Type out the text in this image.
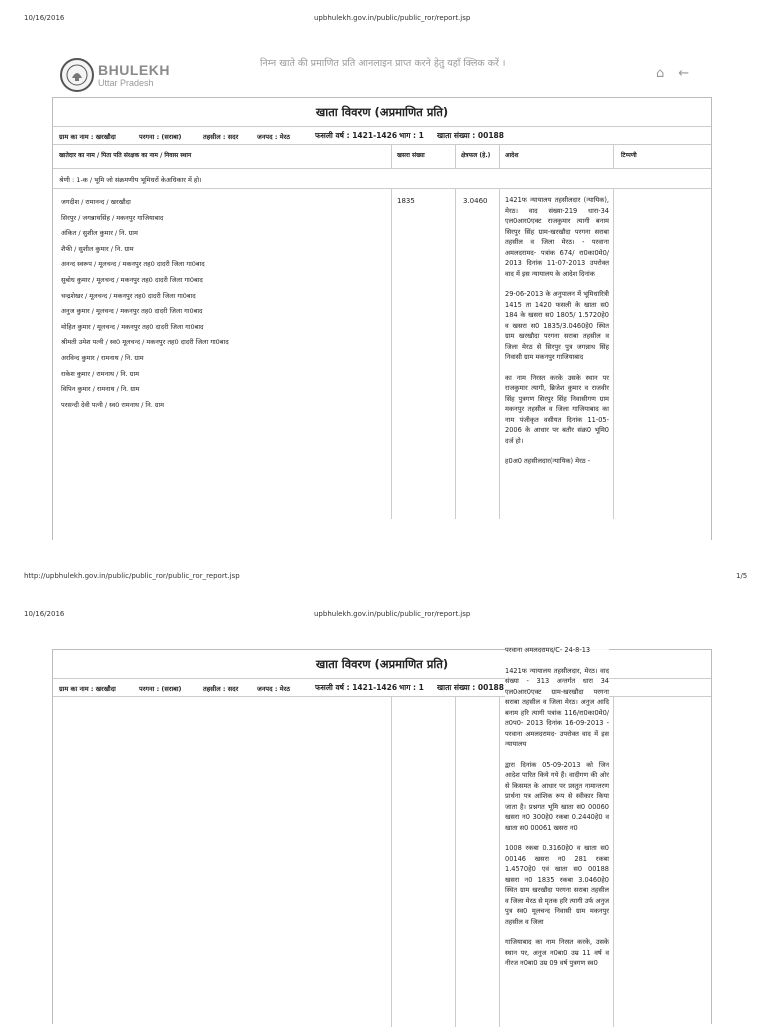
10/16/2016	upbhulekh.gov.in/public/public_ror/report.jsp
BHULEKH
Uttar Pradesh
निम्न खाते की प्रमाणित प्रति आनलाइन प्राप्त करने हेतु यहाँ क्लिक करें ।
⌂ ←
खाता विवरण (अप्रमाणित प्रति)
ग्राम का नाम : खरखौदा	परगना : (सराबा)	तहसील : सदर	जनपद : मेरठ	फसली वर्ष : 1421-1426 भाग : 1 खाता संख्या : 00188
खातेदार का नाम / पिता पति संरक्षक का नाम / निवास स्थान	खसरा संख्या	क्षेत्रफल (हे.)	आदेश	टिप्पणी
श्रेणी : 1-क / भूमि जो संक्रमणीय भूमिधरों केअधिकार में हो।
जगदीश / रामानन्द / खरखौदा
सिरपुर / जगन्नाथसिंह / मकनपुर गाजियाबाद
अंकित / सुशील कुमार / नि. ग्राम
शैफी / सुशील कुमार / नि. ग्राम
अनन्द स्वरूप / मूलचन्द / मकनपुर तह0 दादरी जिला गा0बाद
सुबोध कुमार / मूलचन्द / मकनपुर तह0 दादरी जिला गा0बाद
चन्द्रशेखर / मूलचन्द / मकनपुर तह0 दादरी जिला गा0बाद
अनुज कुमार / मूलचन्द / मकनपुर तह0 दादरी जिला गा0बाद
मोहित कुमार / मूलचन्द / मकनपुर तह0 दादरी जिला गा0बाद
श्रीमती उमेश पत्नी / स्व0 मूलचन्द / मकनपुर तह0 दादरी जिला गा0बाद
अरविन्द कुमार / रामनाथ / नि. ग्राम
राकेश कुमार / रामनाथ / नि. ग्राम
विपिन कुमार / रामनाथ / नि. ग्राम
परसन्दी देवी पत्नी / स्व0 रामनाथ / नि. ग्राम
1835	3.0460	1421फ न्यायालय तहसीलदार (न्यायिक), मेरठ। वाद संख्या-219 धारा-34 एल0आर0एक्ट राजकुमार त्यागी बनाम सिरपुर सिंह ग्राम-खरखौदा परगना सराबा तहसील व जिला मेरठ। - परवाना अमलदरामद- पत्रांक 674/ रा0का0मे0/ 2013 दिनांक 11-07-2013 उपरोक्त वाद में इस न्यायालय के आदेश दिनांक

29-06-2013 के अनुपालन में भूमिधारित्री 1415 ता 1420 फसली के खाता स0 184 के खसरा स0 1805/ 1.5720हे0 व खसरा स0 1835/3.0460हे0 स्थित ग्राम खरखौदा परगना सराबा तहसील व जिला मेरठ से सिरपुर पुत्र जगन्नाथ सिंह निवासी ग्राम मकनपुर गाजियाबाद

का नाम निरस्त करके उसके स्थान पर राजकुमार त्यागी, ब्रिजेश कुमार व राजवीर सिंह पुत्रगण सिरपुर सिंह निवासीगण ग्राम मकनपुर तहसील व जिला गाजियाबाद का नाम पंजीकृत वसीयत दिनांक 11-05-2006 के आधार पर बतौर संक्र0 भूमि0 दर्ज हो।

ह0अ0 तहसीलदार(न्यायिक) मेरठ -

http://upbhulekh.gov.in/public/public_ror/public_ror_report.jsp	1/5
10/16/2016	upbhulekh.gov.in/public/public_ror/report.jsp
खाता विवरण (अप्रमाणित प्रति)
ग्राम का नाम : खरखौदा	परगना : (सराबा)	तहसील : सदर	जनपद : मेरठ	फसली वर्ष : 1421-1426 भाग : 1 खाता संख्या : 00188

परवाना अमलदरामद/C- 24-8-13

1421फ न्यायालय तहसीलदार, मेरठ। वाद संख्या - 313 अन्तर्गत धारा 34 एल0आर0एक्ट ग्राम-खरखौदा परगना सराबा तहसील व जिला मेरठ। अनुज आदि बनाम हरि त्यागी पत्रांक 116/रा0का0मे0/ त0प0- 2013 दिनांक 16-09-2013 - परवाना अमलदरामद- उपरोक्त वाद में इस न्यायालय

द्वारा दिनांक 05-09-2013 को जिन आदेश पारित किये गये हैं। वादीगण की ओर से किसमत के आधार पर प्रस्तुत नामान्तरण प्रार्थना पत्र आंशिक रूप से स्वीकार किया जाता है। प्रश्नगत भूमि खाता स0 00060 खसरा न0 300हे0 रकबा 0.2440हे0 व खाता स0 00061 खसरा न0

1008 रकबा 0.3160हे0 व खाता स0 00146 खसरा न0 281 रकबा 1.4570हे0 एवं खाता स0 00188 खसरा न0 1835 रकबा 3.0460हे0 स्थित ग्राम खरखौदा परगना सराबा तहसील व जिला मेरठ से मृतक हरि त्यागी उर्फ अनुज पुत्र स्व0 मूलचन्द निवासी ग्राम मकनपुर तहसील व जिला

गाजियाबाद का नाम निरस्त करके, उसके स्थान पर, अनुज न0बा0 उम्र 11 वर्ष व नीरज न0बा0 उम्र 09 वर्ष पुत्रगण स्व0
